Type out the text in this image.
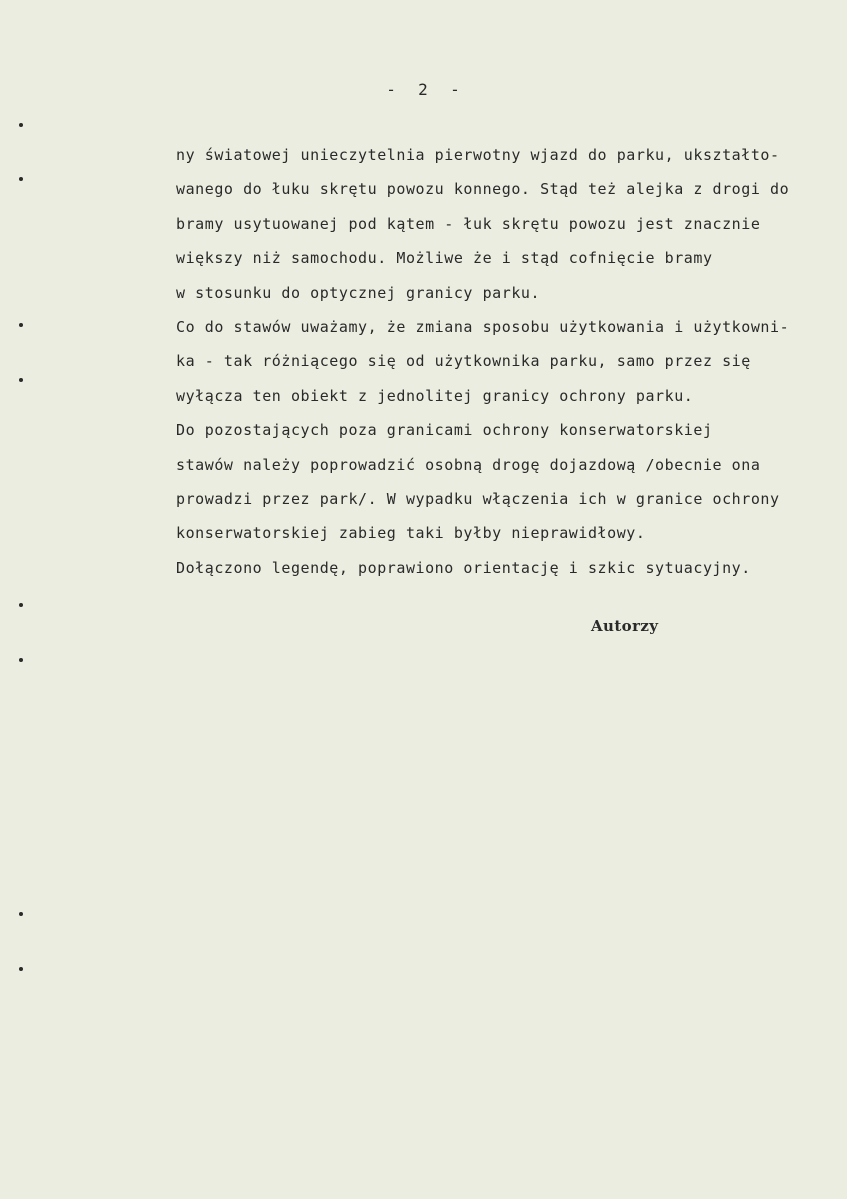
-  2  -
ny światowej unieczytelnia pierwotny wjazd do parku, ukształto-
wanego do łuku skrętu powozu konnego. Stąd też alejka z drogi do
bramy usytuowanej pod kątem - łuk skrętu powozu jest znacznie
większy niż samochodu. Możliwe że i stąd cofnięcie bramy
w stosunku do optycznej granicy parku.
Co do stawów uważamy, że zmiana sposobu użytkowania i użytkowni-
ka - tak różniącego się od użytkownika parku, samo przez się
wyłącza ten obiekt z jednolitej granicy ochrony parku.
Do pozostających poza granicami ochrony konserwatorskiej
stawów należy poprowadzić osobną drogę dojazdową /obecnie ona
prowadzi przez park/. W wypadku włączenia ich w granice ochrony
konserwatorskiej zabieg taki byłby nieprawidłowy.
Dołączono legendę, poprawiono orientację i szkic sytuacyjny.
Autorzy
